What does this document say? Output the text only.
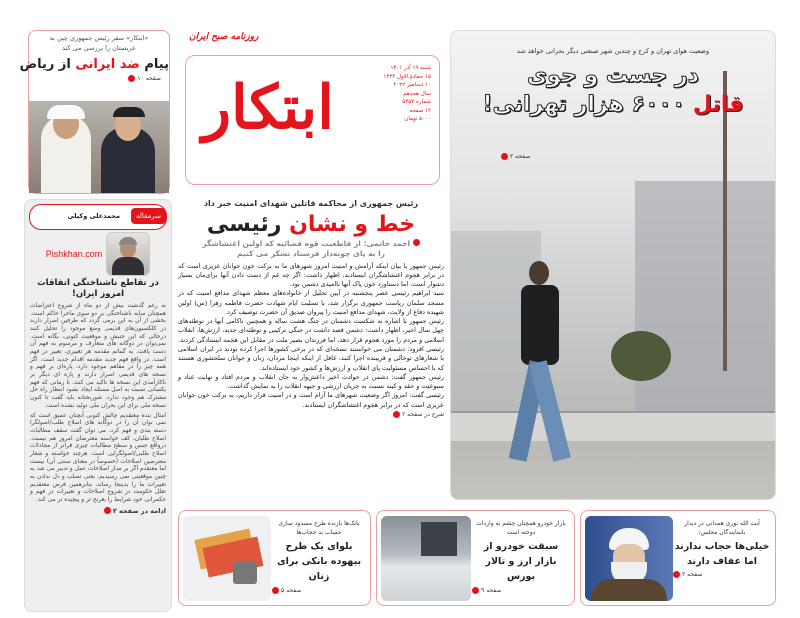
«ابتکار» سفر رئیس جمهوری چین به عربستان را بررسی می کند
پیام ضد ایرانی از ریاض
صفحه ۱۰
سرمقاله
محمدعلی وکیلی
Pishkhan.com
در تقاطع ناشناختگی اتفاقات امروز ایران!
به رغم گذشت بیش از دو ماه از شروع اعتراضات همچنان سایه ناشناختگی بر دو سوی ماجرا حاکم است. بخشی از آن به این برمی گردد که طرفین اصرار دارند در کلکسیون‌های قدیمی وضع موجود را تحلیل کنند درحالی که این جنبش و موقعیت کنونی، یگانه است. نمی‌توان در دوگانه های متعارف و مرسوم به فهم آن دست یافت. به گمانم مقدمه هر تغییری، تغییر در فهم است. در واقع فهم جدید مقدمه اقدام جدید است. اگر همه چیز را در مفاهم موجود دارد، پاره‌ای بر فهم و نسخه های قدیمی اصرار دارند و پاره ای دیگر بر ناکارآمدی این نسخه ها تاکید می کنند. تا زمانی که فهم یکسانی نسبت به اصل مسئله ایجاد نشود انتظار راه حل مشترک هم وجود ندارد. شوربختانه باید گفت تا کنون نسخه ملی برای این بحران ملی تولید نشده است.
امثال بنده معتقدیم چالش کنونی آنچنان عمیق است که نمی توان آن را در دوگانه های اصلاح طلب/اصولگرا دسته بندی و فهم کرد. می توان گفت سقف مطالبات اصلاح طلبان، کف خواسته معترضان امروز هم نیست. درواقع جنس و سطح مطالبات چیزی فراتر از مجادلات اصلاح طلبی/اصولگرایی است. هرچند خواسته و شعار معترضین اصلاحات (خصوصاً در معنای سنتی آن) نیست اما معتقدم اگر بر مدار اصلاحات عمل و تدبیر می شد به چنین موقعیتی نمی رسیدیم. یعنی تصلب و دل ندادن به تغییرات ما را بدینجا رساند. بنابرهمین فرض معتقدیم تعلل حکومت در شروع اصلاحات و تغییرات در فهم و حکمرانی خود شرایط را بغرنج تر و پیچیده تر می کند.
ادامه در صفحه ۲
شنبه ۱۹ آذر ۱۴۰۱
۱۵ جمادی‌الاول ۱۴۴۴
۱۰ دسامبر ۲۰۲۲
سال هجدهم
شماره ۵۴۵۷
۱۲ صفحه
۵۰۰۰ تومان
روزنامه صبح ایران
ابتکار
رئیس جمهوری از محاکمه قاتلین شهدای امنیت خبر داد
خط و نشان رئیسی
احمد خاتمی: از قاطعیت قوه قضائیه که اولین اغتشاشگر را به پای چوبه‌دار فرستاد تشکر می کنیم
رئیس جمهور با بیان اینکه آرامش و امنیت امروز شهرهای ما به برکت خون جوانان عزیزی است که در برابر هجوم اغتشاشگران ایستادند، اظهار داشت: اگر چه غم از دست دادن آنها برای‌مان بسیار دشوار است، اما دستاورد خون پاک آنها ناامیدی دشمن بود.
سید ابراهیم رئیسی عصر پنجشنبه در آیین تجلیل از خانواده‌های معظم شهدای مدافع امنیت که در مسجد سلمان ریاست جمهوری برگزار شد، با تسلیت ایام شهادت حضرت فاطمه زهرا (س) اولین شهیده دفاع از ولایت، شهدای مدافع امنیت را پیروان صدیق آن حضرت توصیف کرد.
رئیس جمهور با اشاره به شکست دشمنان در جنگ هشت ساله و همچنین ناکامی آنها در توطئه‌های چهل سال اخیر، اظهار داشت: دشمن قصد داشت در جنگی ترکیبی و توطئه‌ای جدید، ارزش‌ها، انقلاب اسلامی و مردم را مورد هجوم قرار دهد، اما فرزندان بصیر ملت در مقابل این هجمه ایستادگی کردند. رئیسی افزود: دشمنان می خواستند نسخه‌ای که در برخی کشورها اجرا کرده بودند در ایران اسلامی با شعارهای توخالی و فریبنده اجرا کنند، غافل از اینکه اینجا مردان، زنان و جوانان سلحشوری هستند که با احساس مسئولیت پای انقلاب و ارزش‌ها و کشور خود ایستاده‌اند.
رئیس جمهور گفت: دشمن در حوادث اخیر داعش‌وار به جان انقلاب و مردم افتاد و نهایت عناد و سبوعیت و حقد و کینه نسبت به جریان ارزشی و جبهه انقلاب را به نمایش گذاشت.
رئیسی گفت: امروز اگر وضعیت شهرهای ما آرام است و در امنیت قرار داریم، به برکت خون جوانان عزیزی است که در برابر هجوم اغتشاشگران ایستادند.
شرح در صفحه ۲
وضعیت هوای تهران و کرج و چندین شهر صنعتی دیگر بحرانی خواهد شد
در جست و جوی
قاتل ۶۰۰۰ هزار تهرانی!
صفحه ۲
آیت الله نوری همدانی در دیدار بانمایندگان مجلس:
خیلی‌ها حجاب ندارند اما عفاف دارند
صفحه ۲
بازار خودرو همچنان چشم به واردات دوخته است
سبقت خودرو از بازار ارز و تالار بورس
صفحه ۹
بانک‌ها بازنده طرح مسدود سازی حساب بد حجاب‌ها
بلوای یک طرح بیهوده بانکی برای زنان
صفحه ۵
